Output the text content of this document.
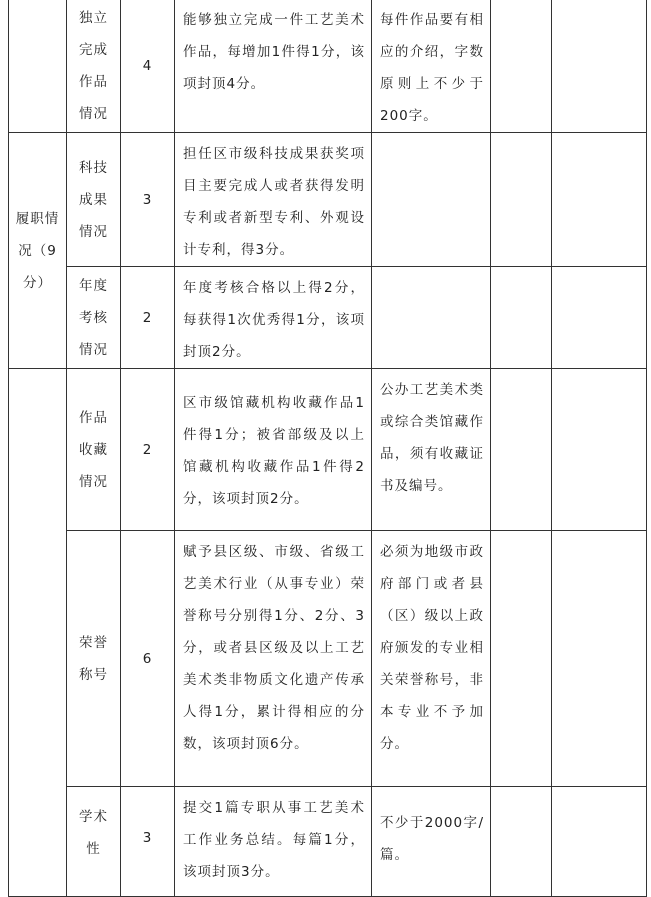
	独立完成作品情况	4	能够独立完成一件工艺美术作品，每增加1件得1分，该项封顶4分。	每件作品要有相应的介绍，字数原则上不少于200字。		
履职情况（9分）	科技成果情况	3	担任区市级科技成果获奖项目主要完成人或者获得发明专利或者新型专利、外观设计专利，得3分。			
	年度考核情况	2	年度考核合格以上得2分，每获得1次优秀得1分，该项封顶2分。			
	作品收藏情况	2	区市级馆藏机构收藏作品1件得1分；被省部级及以上馆藏机构收藏作品1件得2分，该项封顶2分。	公办工艺美术类或综合类馆藏作品，须有收藏证书及编号。		
	荣誉称号	6	赋予县区级、市级、省级工艺美术行业（从事专业）荣誉称号分别得1分、2分、3分，或者县区级及以上工艺美术类非物质文化遗产传承人得1分，累计得相应的分数，该项封顶6分。	必须为地级市政府部门或者县（区）级以上政府颁发的专业相关荣誉称号，非本专业不予加分。		
	学术性	3	提交1篇专职从事工艺美术工作业务总结。每篇1分，该项封顶3分。	不少于2000字/篇。		
